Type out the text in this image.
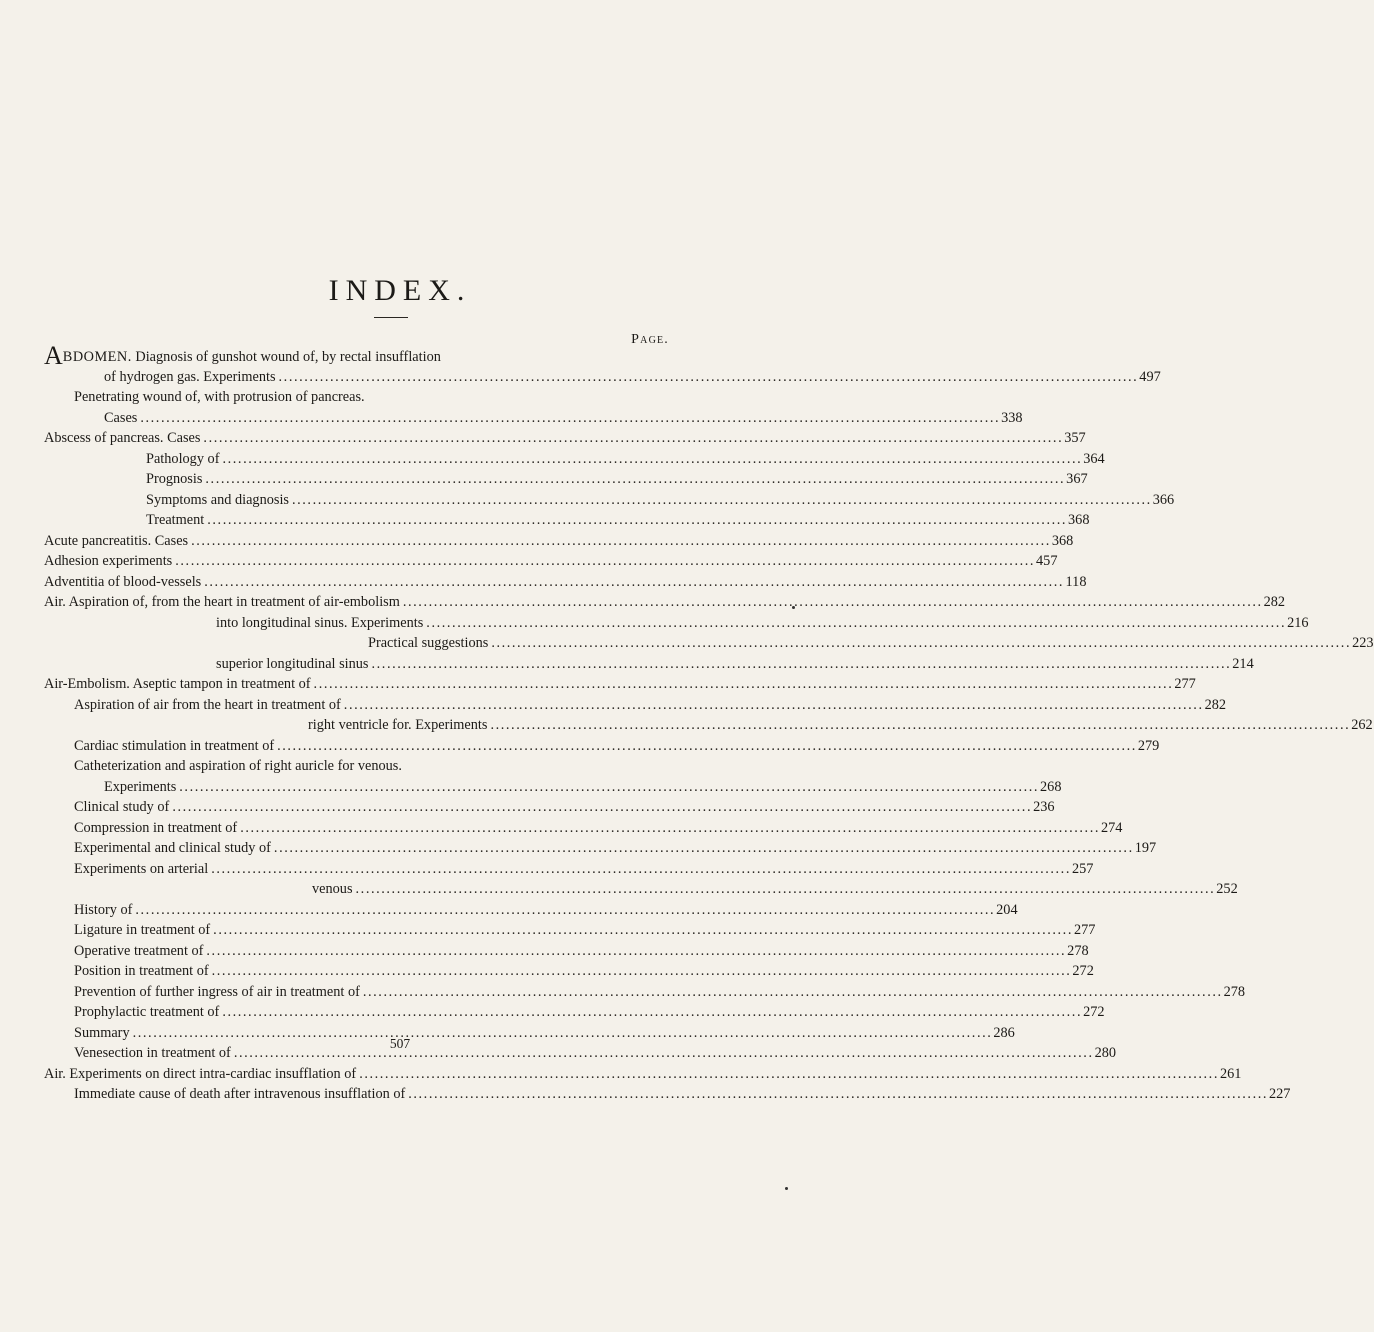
INDEX.
Page.
ABDOMEN. Diagnosis of gunshot wound of, by rectal insufflation
of hydrogen gas. Experiments . . .	497
Penetrating wound of, with protrusion of pancreas.
Cases . . .	338
Abscess of pancreas. Cases . . .	357
Pathology of . . .	364
Prognosis . . .	367
Symptoms and diagnosis . . .	366
Treatment . . .	368
Acute pancreatitis. Cases . . .	368
Adhesion experiments . . .	457
Adventitia of blood-vessels . . .	118
Air. Aspiration of, from the heart in treatment of air-embolism . . .	282
into longitudinal sinus. Experiments . . .	216
Practical suggestions . . .	223
superior longitudinal sinus . . .	214
Air-Embolism. Aseptic tampon in treatment of . . .	277
Aspiration of air from the heart in treatment of . . .	282
right ventricle for. Experiments . . .	262
Cardiac stimulation in treatment of . . .	279
Catheterization and aspiration of right auricle for venous.
Experiments . . .	268
Clinical study of . . .	236
Compression in treatment of . . .	274
Experimental and clinical study of . . .	197
Experiments on arterial . . .	257
venous . . .	252
History of . . .	204
Ligature in treatment of . . .	277
Operative treatment of . . .	278
Position in treatment of . . .	272
Prevention of further ingress of air in treatment of . . .	278
Prophylactic treatment of . . .	272
Summary . . .	286
Venesection in treatment of . . .	280
Air. Experiments on direct intra-cardiac insufflation of . . .	261
Immediate cause of death after intravenous insufflation of . . .	227
507
